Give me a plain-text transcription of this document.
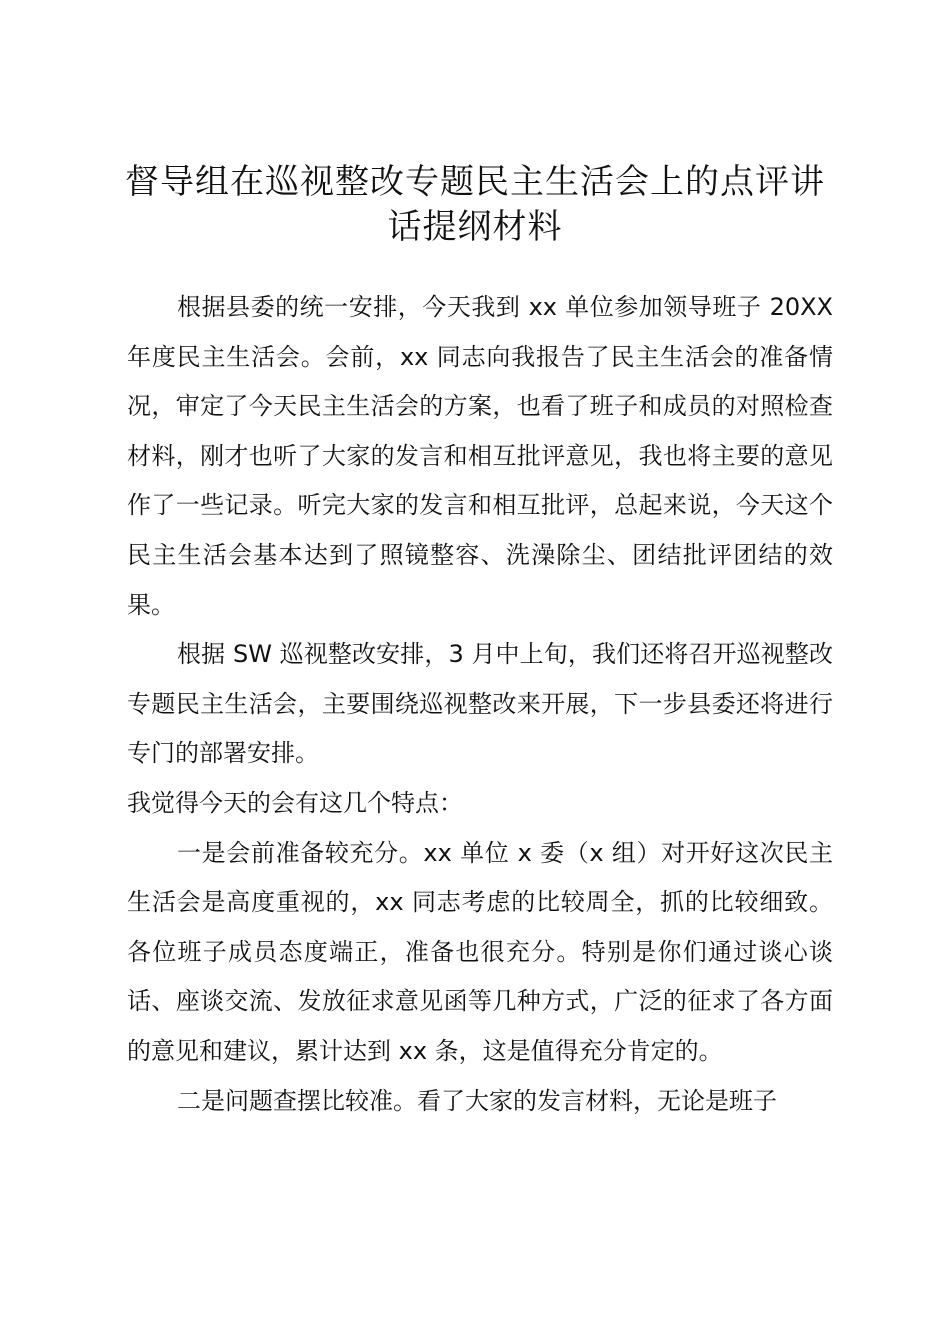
督导组在巡视整改专题民主生活会上的点评讲
话提纲材料

根据县委的统一安排，今天我到 xx 单位参加领导班子 20XX 年度民主生活会。会前，xx 同志向我报告了民主生活会的准备情况，审定了今天民主生活会的方案，也看了班子和成员的对照检查材料，刚才也听了大家的发言和相互批评意见，我也将主要的意见作了一些记录。听完大家的发言和相互批评，总起来说，今天这个民主生活会基本达到了照镜整容、洗澡除尘、团结批评团结的效果。

根据 SW 巡视整改安排，3 月中上旬，我们还将召开巡视整改专题民主生活会，主要围绕巡视整改来开展，下一步县委还将进行专门的部署安排。

我觉得今天的会有这几个特点：

一是会前准备较充分。xx 单位 x 委（x 组）对开好这次民主生活会是高度重视的，xx 同志考虑的比较周全，抓的比较细致。各位班子成员态度端正，准备也很充分。特别是你们通过谈心谈话、座谈交流、发放征求意见函等几种方式，广泛的征求了各方面的意见和建议，累计达到 xx 条，这是值得充分肯定的。

二是问题查摆比较准。看了大家的发言材料，无论是班子
